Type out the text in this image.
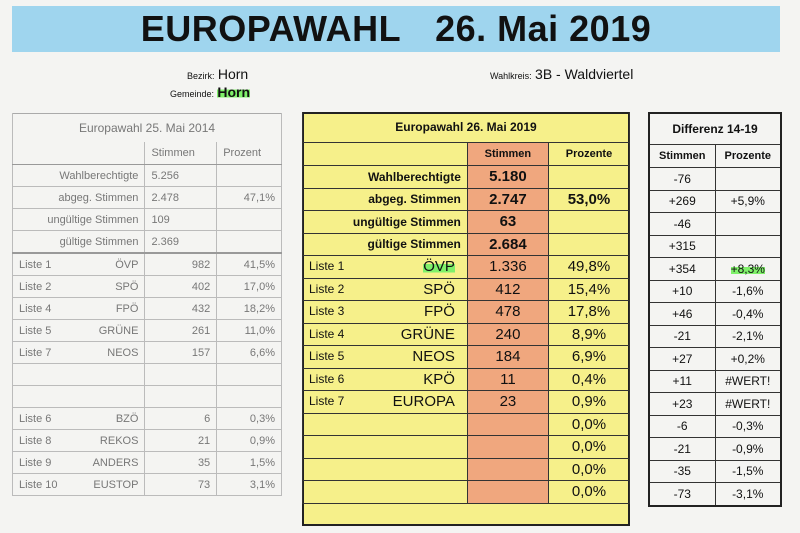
EUROPAWAHL 26. Mai 2019
Bezirk: Horn
Gemeinde: Horn
Wahlkreis: 3B - Waldviertel
Europawahl 25. Mai 2014		
	Stimmen	Prozent
Wahlberechtigte	5.256	
abgeg. Stimmen	2.478	47,1%
ungültige Stimmen	109	
gültige Stimmen	2.369	
Liste 1 ÖVP	982	41,5%
Liste 2 SPÖ	402	17,0%
Liste 4 FPÖ	432	18,2%
Liste 5 GRÜNE	261	11,0%
Liste 7 NEOS	157	6,6%

Liste 6 BZÖ	6	0,3%
Liste 8 REKOS	21	0,9%
Liste 9 ANDERS	35	1,5%
Liste 10 EUSTOP	73	3,1%
Europawahl 26. Mai 2019		
	Stimmen	Prozente
Wahlberechtigte	5.180	
abgeg. Stimmen	2.747	53,0%
ungültige Stimmen	63	
gültige Stimmen	2.684	
Liste 1 ÖVP	1.336	49,8%
Liste 2 SPÖ	412	15,4%
Liste 3 FPÖ	478	17,8%
Liste 4 GRÜNE	240	8,9%
Liste 5 NEOS	184	6,9%
Liste 6 KPÖ	11	0,4%
Liste 7 EUROPA	23	0,9%
		0,0%
		0,0%
		0,0%
		0,0%
Differenz 14-19	
Stimmen	Prozente
-76	
+269	+5,9%
-46	
+315	
+354	+8,3%
+10	-1,6%
+46	-0,4%
-21	-2,1%
+27	+0,2%
+11	#WERT!
+23	#WERT!
-6	-0,3%
-21	-0,9%
-35	-1,5%
-73	-3,1%
